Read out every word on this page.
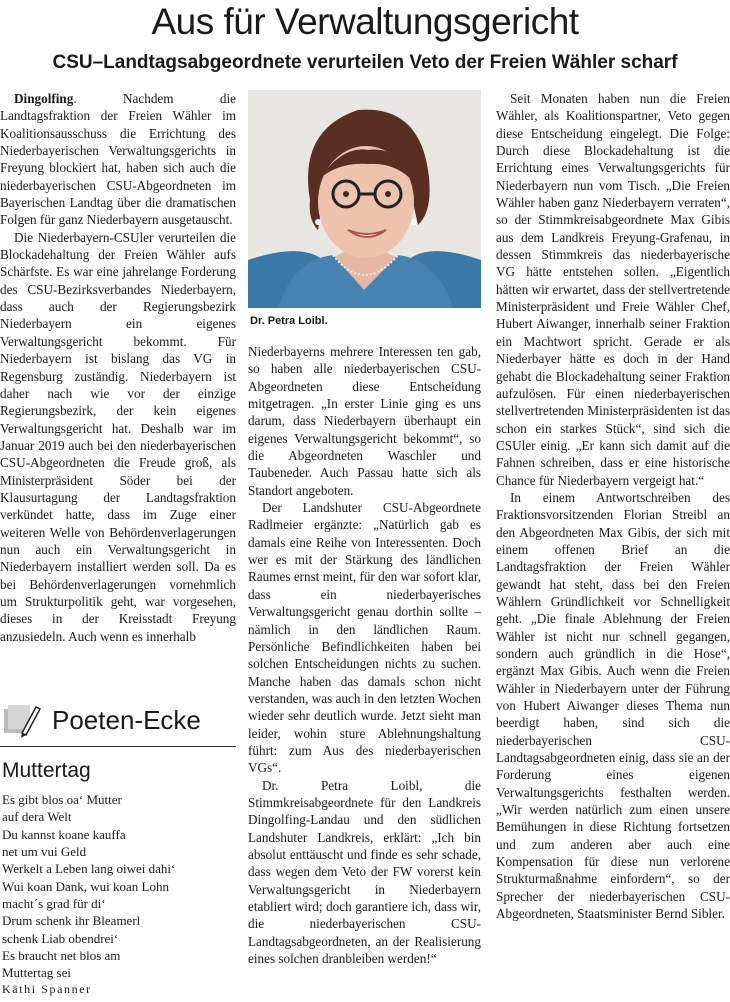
Aus für Verwaltungsgericht
CSU–Landtagsabgeordnete verurteilen Veto der Freien Wähler scharf

Dingolfing. Nachdem die Landtagsfraktion der Freien Wähler im Koalitionsausschuss die Errichtung des Niederbayerischen Verwaltungsgerichts in Freyung blockiert hat, haben sich auch die niederbayerischen CSU-Abgeordneten im Bayerischen Landtag über die dramatischen Folgen für ganz Niederbayern ausgetauscht.

Die Niederbayern-CSUler verurteilen die Blockadehaltung der Freien Wähler aufs Schärfste. Es war eine jahrelange Forderung des CSU-Bezirksverbandes Niederbayern, dass auch der Regierungsbezirk Niederbayern ein eigenes Verwaltungsgericht bekommt. Für Niederbayern ist bislang das VG in Regensburg zuständig. Niederbayern ist daher nach wie vor der einzige Regierungsbezirk, der kein eigenes Verwaltungsgericht hat. Deshalb war im Januar 2019 auch bei den niederbayerischen CSU-Abgeordneten die Freude groß, als Ministerpräsident Söder bei der Klausurtagung der Landtagsfraktion verkündet hatte, dass im Zuge einer weiteren Welle von Behördenverlagerungen nun auch ein Verwaltungsgericht in Niederbayern installiert werden soll. Da es bei Behördenverlagerungen vornehmlich um Strukturpolitik geht, war vorgesehen, dieses in der Kreisstadt Freyung anzusiedeln. Auch wenn es innerhalb

Dr. Petra Loibl.

Niederbayerns mehrere Interessen ten gab, so haben alle niederbayerischen CSU-Abgeordneten diese Entscheidung mitgetragen. „In erster Linie ging es uns darum, dass Niederbayern überhaupt ein eigenes Verwaltungsgericht bekommt“, so die Abgeordneten Waschler und Taubeneder. Auch Passau hatte sich als Standort angeboten.

Der Landshuter CSU-Abgeordnete Radlmeier ergänzte: „Natürlich gab es damals eine Reihe von Interessenten. Doch wer es mit der Stärkung des ländlichen Raumes ernst meint, für den war sofort klar, dass ein niederbayerisches Verwaltungsgericht genau dorthin sollte – nämlich in den ländlichen Raum. Persönliche Befindlichkeiten haben bei solchen Entscheidungen nichts zu suchen. Manche haben das damals schon nicht verstanden, was auch in den letzten Wochen wieder sehr deutlich wurde. Jetzt sieht man leider, wohin sture Ablehnungshaltung führt: zum Aus des niederbayerischen VGs“.

Dr. Petra Loibl, die Stimmkreisabgeordnete für den Landkreis Dingolfing-Landau und den südlichen Landshuter Landkreis, erklärt: „Ich bin absolut enttäuscht und finde es sehr schade, dass wegen dem Veto der FW vorerst kein Verwaltungsgericht in Niederbayern etabliert wird; doch garantiere ich, dass wir, die niederbayerischen CSU-Landtagsabgeordneten, an der Realisierung eines solchen dranbleiben werden!“

Seit Monaten haben nun die Freien Wähler, als Koalitionspartner, Veto gegen diese Entscheidung eingelegt. Die Folge: Durch diese Blockadehaltung ist die Errichtung eines Verwaltungsgerichts für Niederbayern nun vom Tisch. „Die Freien Wähler haben ganz Niederbayern verraten“, so der Stimmkreisabgeordnete Max Gibis aus dem Landkreis Freyung-Grafenau, in dessen Stimmkreis das niederbayerische VG hätte entstehen sollen. „Eigentlich hätten wir erwartet, dass der stellvertretende Ministerpräsident und Freie Wähler Chef, Hubert Aiwanger, innerhalb seiner Fraktion ein Machtwort spricht. Gerade er als Niederbayer hätte es doch in der Hand gehabt die Blockadehaltung seiner Fraktion aufzulösen. Für einen niederbayerischen stellvertretenden Ministerpräsidenten ist das schon ein starkes Stück“, sind sich die CSUler einig. „Er kann sich damit auf die Fahnen schreiben, dass er eine historische Chance für Niederbayern vergeigt hat.“

In einem Antwortschreiben des Fraktionsvorsitzenden Florian Streibl an den Abgeordneten Max Gibis, der sich mit einem offenen Brief an die Landtagsfraktion der Freien Wähler gewandt hat steht, dass bei den Freien Wählern Gründlichkeit vor Schnelligkeit geht. „Die finale Ablehnung der Freien Wähler ist nicht nur schnell gegangen, sondern auch gründlich in die Hose“, ergänzt Max Gibis. Auch wenn die Freien Wähler in Niederbayern unter der Führung von Hubert Aiwanger dieses Thema nun beerdigt haben, sind sich die niederbayerischen CSU-Landtagsabgeordneten einig, dass sie an der Forderung eines eigenen Verwaltungsgerichts festhalten werden. „Wir werden natürlich zum einen unsere Bemühungen in diese Richtung fortsetzen und zum anderen aber auch eine Kompensation für diese nun verlorene Strukturmaßnahme einfordern“, so der Sprecher der niederbayerischen CSU-Abgeordneten, Staatsminister Bernd Sibler.

Poeten-Ecke
Muttertag
Es gibt blos oa‘ Mutter
auf dera Welt
Du kannst koane kauffa
net um vui Geld
Werkelt a Leben lang oiwei dahi‘
Wui koan Dank, wui koan Lohn
macht´s grad für di‘
Drum schenk ihr Bleamerl
schenk Liab obendrei‘
Es braucht net blos am
Muttertag sei
Käthi Spanner
